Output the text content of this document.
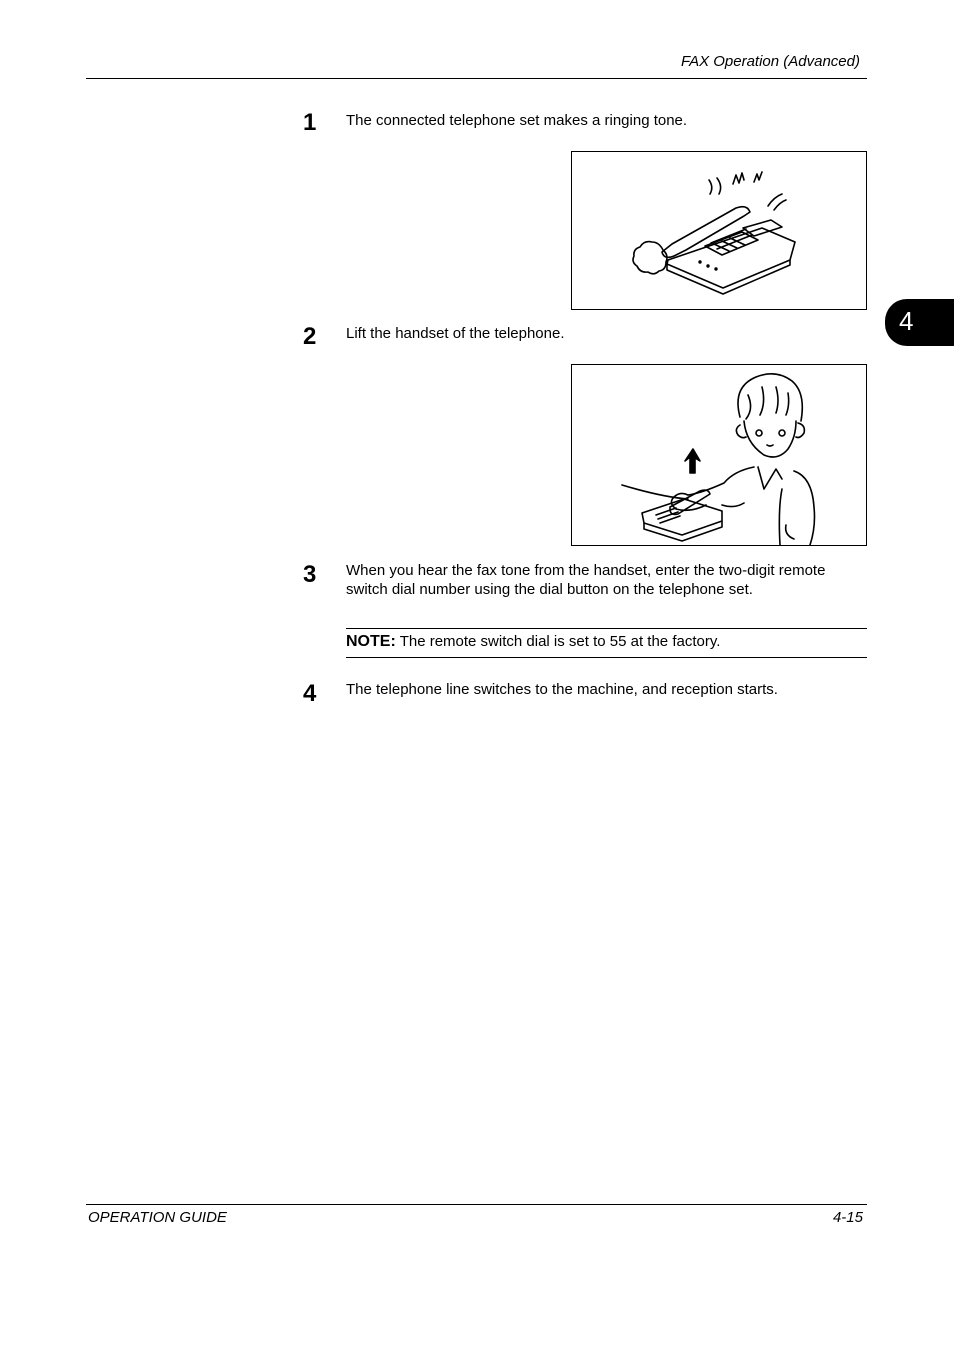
FAX Operation (Advanced)
4
1 The connected telephone set makes a ringing tone.
2 Lift the handset of the telephone.
3 When you hear the fax tone from the handset, enter the two-digit remote switch dial number using the dial button on the telephone set.
NOTE: The remote switch dial is set to 55 at the factory.
4 The telephone line switches to the machine, and reception starts.
OPERATION GUIDE	4-15
